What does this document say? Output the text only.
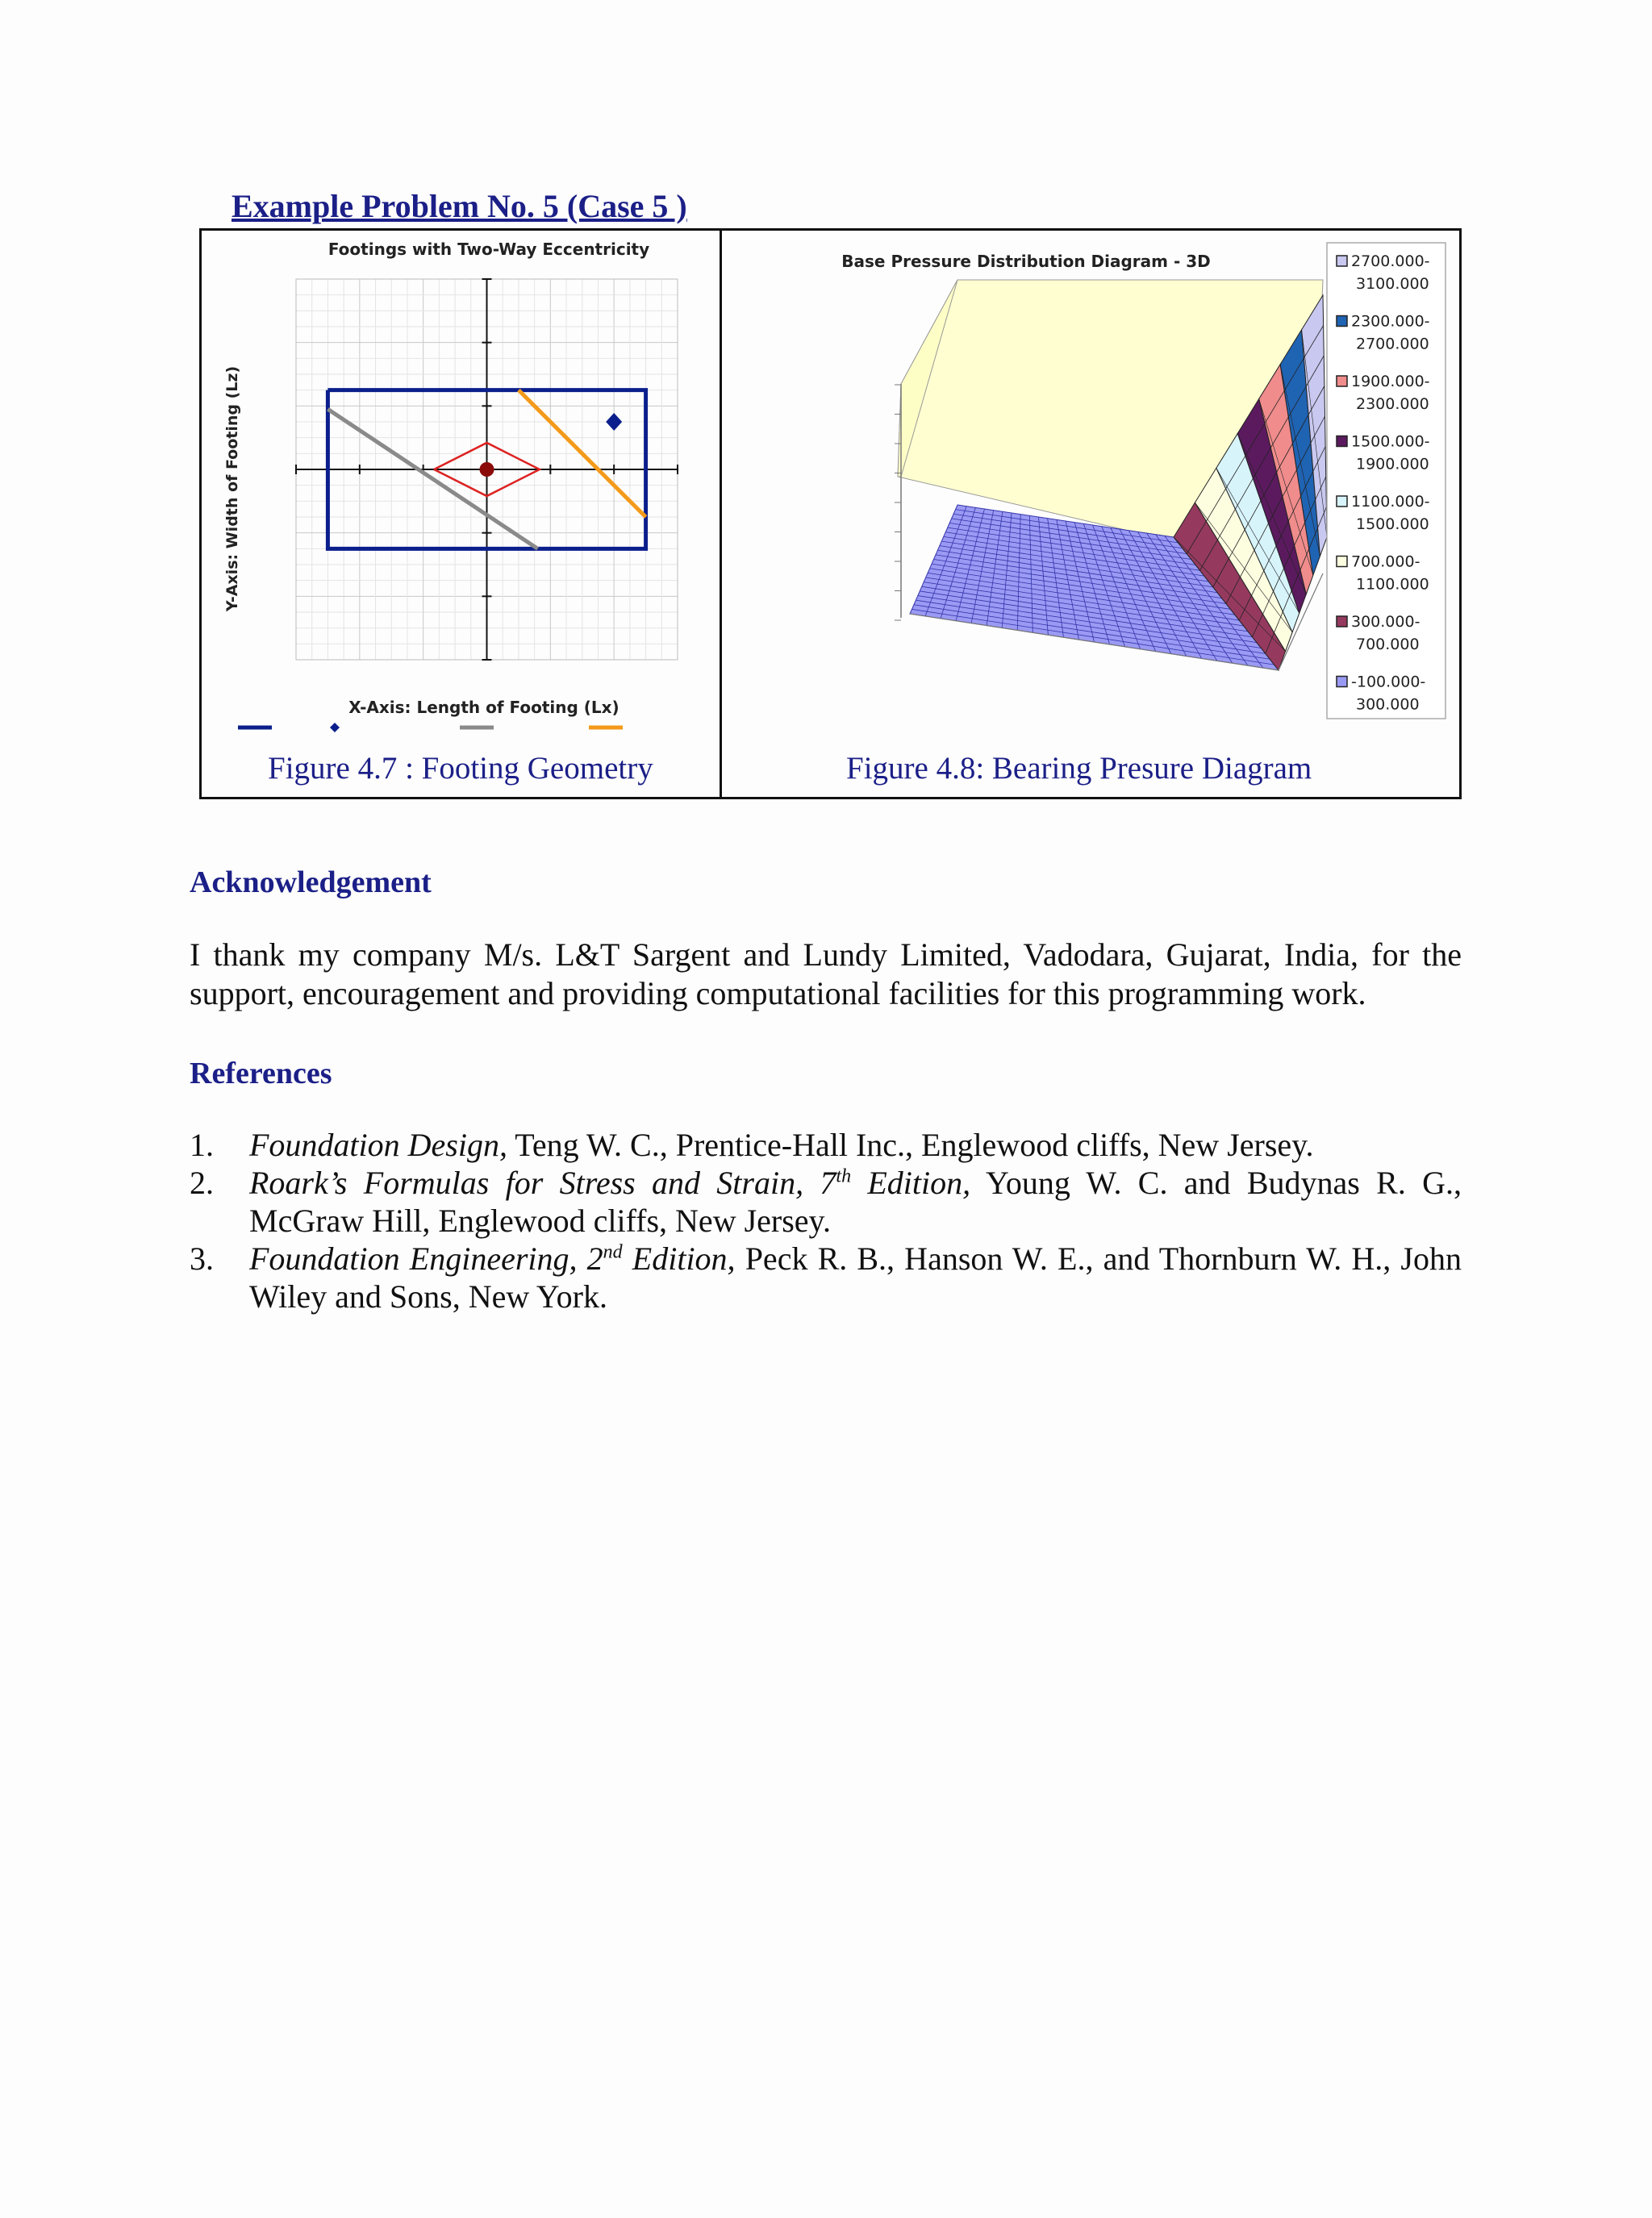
Example Problem No. 5 (Case 5 )
Footings with Two-Way Eccentricity
Y-Axis: Width of Footing (Lz)
X-Axis: Length of Footing (Lx)
Figure 4.7 : Footing Geometry
Base Pressure Distribution Diagram - 3D	2700.000-3100.000
2300.000-2700.000
1900.000-2300.000
1500.000-1900.000
1100.000-1500.000
700.000-1100.000
300.000-700.000
-100.000-300.000
Figure 4.8: Bearing Presure Diagram
Acknowledgement

I thank my company M/s. L&T Sargent and Lundy Limited, Vadodara, Gujarat, India, for the support, encouragement and providing computational facilities for this programming work.

References
1. Foundation Design, Teng W. C., Prentice-Hall Inc., Englewood cliffs, New Jersey.
2. Roark’s Formulas for Stress and Strain, 7th Edition, Young W. C. and Budynas R. G., McGraw Hill, Englewood cliffs, New Jersey.
3. Foundation Engineering, 2nd Edition, Peck R. B., Hanson W. E., and Thornburn W. H., John Wiley and Sons, New York.
